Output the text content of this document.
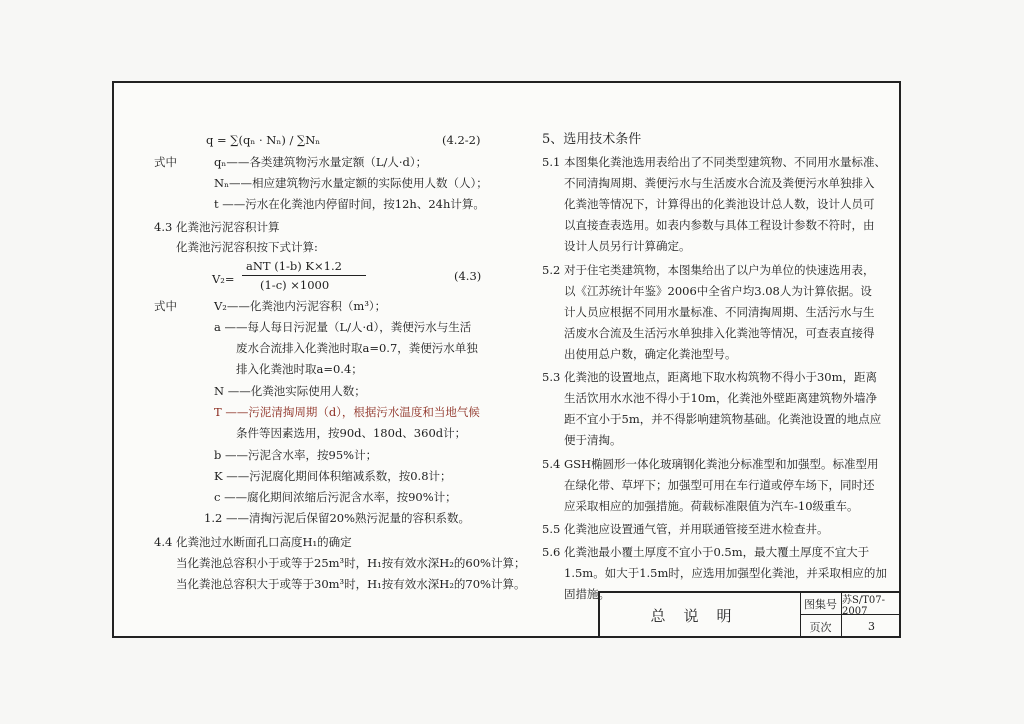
q = ∑(qₙ · Nₙ) / ∑Nₙ	(4.2-2)
式中	qₙ——各类建筑物污水量定额（L/人·d）；
Nₙ——相应建筑物污水量定额的实际使用人数（人）；
t ——污水在化粪池内停留时间，按12h、24h计算。
4.3 化粪池污泥容积计算
化粪池污泥容积按下式计算:
V₂=
aNT (1-b) K×1.2
(1-c) ×1000
(4.3)
式中	V₂——化粪池内污泥容积（m³）；
a ——每人每日污泥量（L/人·d），粪便污水与生活
废水合流排入化粪池时取a=0.7，粪便污水单独
排入化粪池时取a=0.4；
N ——化粪池实际使用人数；
T ——污泥清掏周期（d），根据污水温度和当地气候
条件等因素选用，按90d、180d、360d计；
b ——污泥含水率，按95%计；
K ——污泥腐化期间体积缩减系数，按0.8计；
c ——腐化期间浓缩后污泥含水率，按90%计；
1.2 ——清掏污泥后保留20%熟污泥量的容积系数。
4.4 化粪池过水断面孔口高度H₁的确定
当化粪池总容积小于或等于25m³时，H₁按有效水深H₂的60%计算；
当化粪池总容积大于或等于30m³时，H₁按有效水深H₂的70%计算。
5、选用技术条件
5.1 本图集化粪池选用表给出了不同类型建筑物、不同用水量标准、
不同清掏周期、粪便污水与生活废水合流及粪便污水单独排入
化粪池等情况下，计算得出的化粪池设计总人数，设计人员可
以直接查表选用。如表内参数与具体工程设计参数不符时，由
设计人员另行计算确定。
5.2 对于住宅类建筑物，本图集给出了以户为单位的快速选用表，
以《江苏统计年鉴》2006中全省户均3.08人为计算依据。设
计人员应根据不同用水量标准、不同清掏周期、生活污水与生
活废水合流及生活污水单独排入化粪池等情况，可查表直接得
出使用总户数，确定化粪池型号。
5.3 化粪池的设置地点，距离地下取水构筑物不得小于30m，距离
生活饮用水水池不得小于10m，化粪池外壁距离建筑物外墙净
距不宜小于5m，并不得影响建筑物基础。化粪池设置的地点应
便于清掏。
5.4 GSH椭圆形一体化玻璃钢化粪池分标准型和加强型。标准型用
在绿化带、草坪下；加强型可用在车行道或停车场下，同时还
应采取相应的加强措施。荷载标准限值为汽车-10级重车。
5.5 化粪池应设置通气管，并用联通管接至进水检查井。
5.6 化粪池最小覆土厚度不宜小于0.5m，最大覆土厚度不宜大于
1.5m。如大于1.5m时，应选用加强型化粪池，并采取相应的加
固措施。
总说明
图集号 苏S/T07-2007
页次	3
